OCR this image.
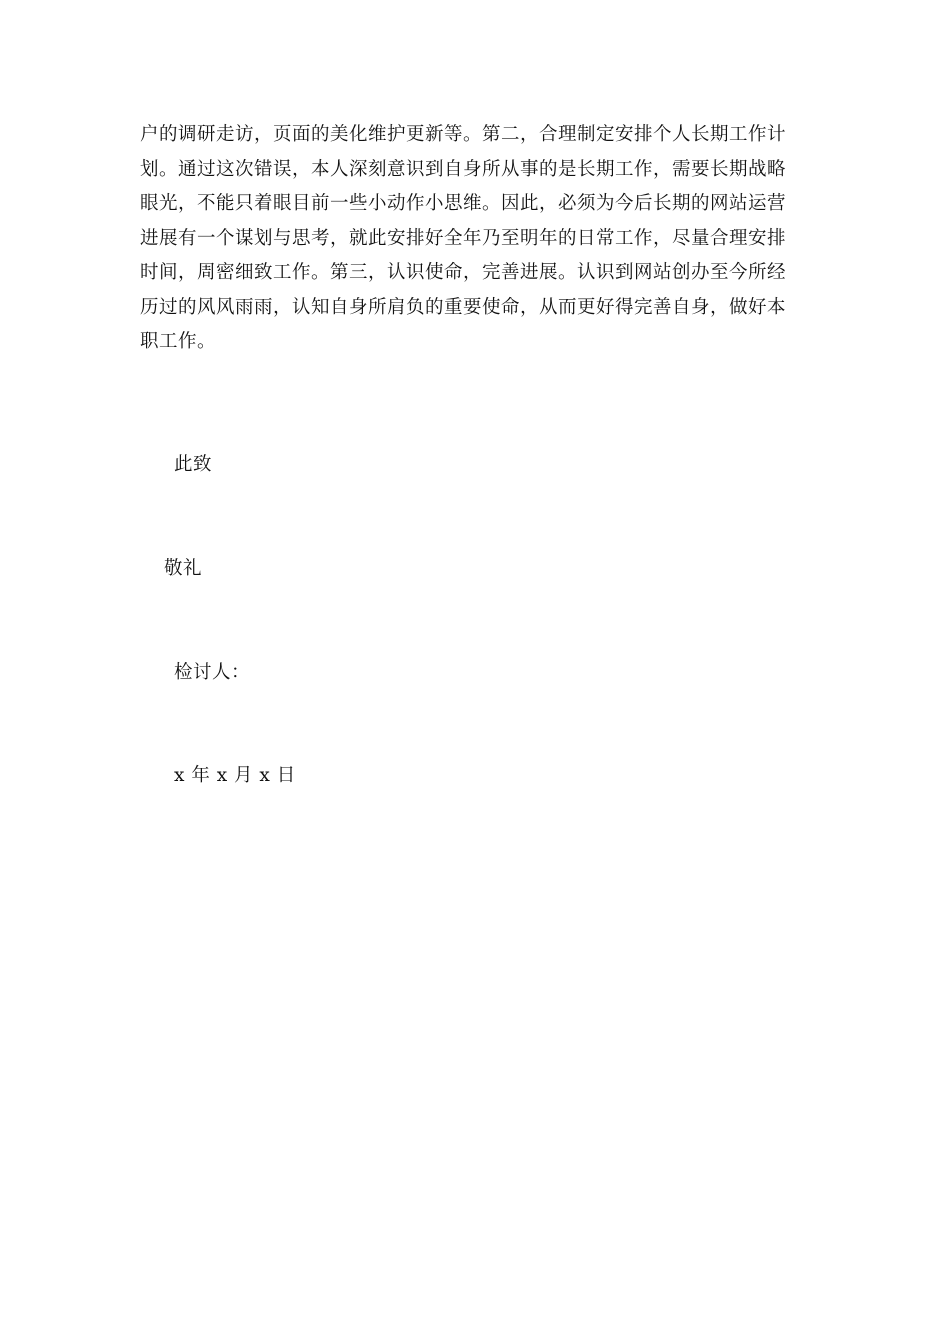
户的调研走访，页面的美化维护更新等。第二，合理制定安排个人长期工作计
划。通过这次错误，本人深刻意识到自身所从事的是长期工作，需要长期战略
眼光，不能只着眼目前一些小动作小思维。因此，必须为今后长期的网站运营
进展有一个谋划与思考，就此安排好全年乃至明年的日常工作，尽量合理安排
时间，周密细致工作。第三，认识使命，完善进展。认识到网站创办至今所经
历过的风风雨雨，认知自身所肩负的重要使命，从而更好得完善自身，做好本
职工作。

此致

敬礼

检讨人：

x 年 x 月 x 日
